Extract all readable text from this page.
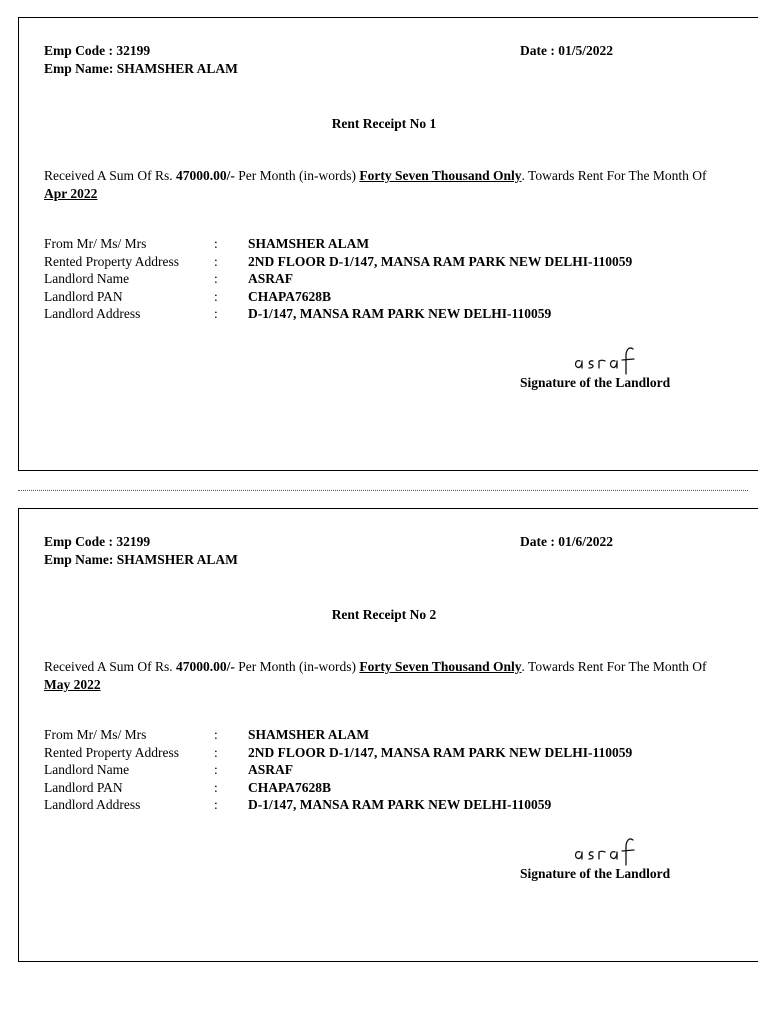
Emp Code : 32199
Emp Name: SHAMSHER ALAM
Date : 01/5/2022
Rent Receipt No 1
Received A Sum Of Rs. 47000.00/- Per Month (in-words) Forty Seven Thousand Only. Towards Rent For The Month Of Apr 2022
From Mr/ Ms/ Mrs	: SHAMSHER ALAM
Rented Property Address	: 2ND FLOOR D-1/147, MANSA RAM PARK NEW DELHI-110059
Landlord Name	: ASRAF
Landlord PAN	: CHAPA7628B
Landlord Address	: D-1/147, MANSA RAM PARK NEW DELHI-110059
Signature of the Landlord
Emp Code : 32199
Emp Name: SHAMSHER ALAM
Date : 01/6/2022
Rent Receipt No 2
Received A Sum Of Rs. 47000.00/- Per Month (in-words) Forty Seven Thousand Only. Towards Rent For The Month Of May 2022
From Mr/ Ms/ Mrs	: SHAMSHER ALAM
Rented Property Address	: 2ND FLOOR D-1/147, MANSA RAM PARK NEW DELHI-110059
Landlord Name	: ASRAF
Landlord PAN	: CHAPA7628B
Landlord Address	: D-1/147, MANSA RAM PARK NEW DELHI-110059
Signature of the Landlord
